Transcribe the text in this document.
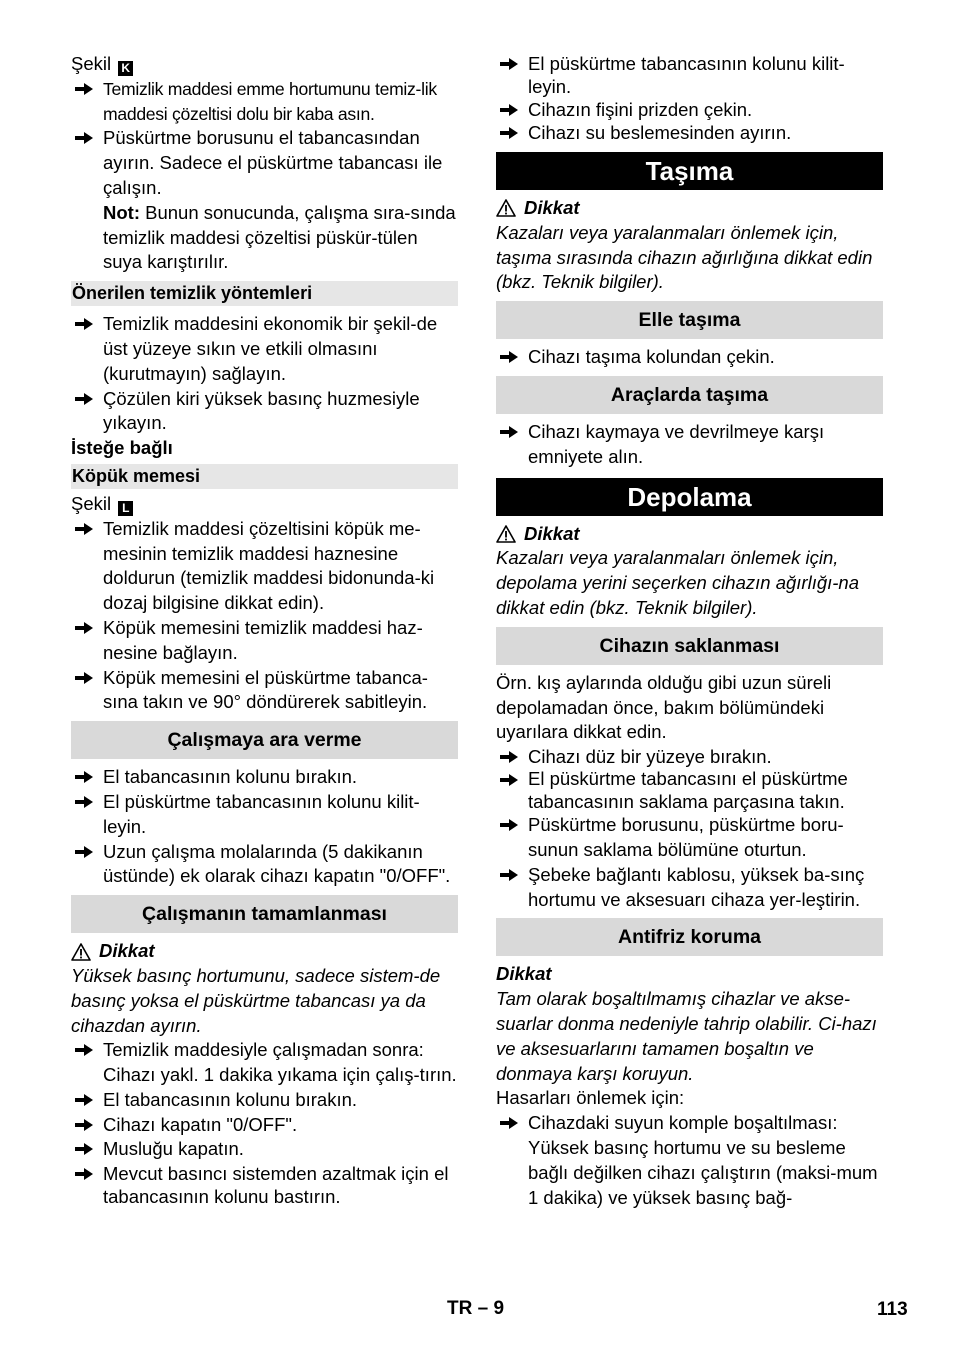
Şekil K

Temizlik maddesi emme hortumunu temiz-lik maddesi çözeltisi dolu bir kaba asın.
Püskürtme borusunu el tabancasından ayırın. Sadece el püskürtme tabancası ile çalışın.
Not: Bunun sonucunda, çalışma sıra-sında temizlik maddesi çözeltisi püskür-tülen suya karıştırılır.
Önerilen temizlik yöntemleri
Temizlik maddesini ekonomik bir şekil-de üst yüzeye sıkın ve etkili olmasını (kurutmayın) sağlayın.
Çözülen kiri yüksek basınç huzmesiyle yıkayın.

İsteğe bağlı

Köpük memesi

Şekil L

Temizlik maddesi çözeltisini köpük me-mesinin temizlik maddesi haznesine doldurun (temizlik maddesi bidonunda-ki dozaj bilgisine dikkat edin).
Köpük memesini temizlik maddesi haz-nesine bağlayın.
Köpük memesini el püskürtme tabanca-sına takın ve 90° döndürerek sabitleyin.
Çalışmaya ara verme
El tabancasının kolunu bırakın.
El püskürtme tabancasının kolunu kilit-leyin.
Uzun çalışma molalarında (5 dakikanın üstünde) ek olarak cihazı kapatın "0/OFF".
Çalışmanın tamamlanması
Dikkat

Yüksek basınç hortumunu, sadece sistem-de basınç yoksa el püskürtme tabancası ya da cihazdan ayırın.

Temizlik maddesiyle çalışmadan sonra: Cihazı yakl. 1 dakika yıkama için çalış-tırın.
El tabancasının kolunu bırakın.
Cihazı kapatın "0/OFF".
Musluğu kapatın.
Mevcut basıncı sistemden azaltmak için el tabancasının kolunu bastırın.
El püskürtme tabancasının kolunu kilit-leyin.
Cihazın fişini prizden çekin.
Cihazı su beslemesinden ayırın.
Taşıma
Dikkat

Kazaları veya yaralanmaları önlemek için, taşıma sırasında cihazın ağırlığına dikkat edin (bkz. Teknik bilgiler).

Elle taşıma
Cihazı taşıma kolundan çekin.
Araçlarda taşıma
Cihazı kaymaya ve devrilmeye karşı emniyete alın.
Depolama
Dikkat

Kazaları veya yaralanmaları önlemek için, depolama yerini seçerken cihazın ağırlığı-na dikkat edin (bkz. Teknik bilgiler).

Cihazın saklanması

Örn. kış aylarında olduğu gibi uzun süreli depolamadan önce, bakım bölümündeki uyarılara dikkat edin.

Cihazı düz bir yüzeye bırakın.
El püskürtme tabancasını el püskürtme tabancasının saklama parçasına takın.
Püskürtme borusunu, püskürtme boru-sunun saklama bölümüne oturtun.
Şebeke bağlantı kablosu, yüksek ba-sınç hortumu ve aksesuarı cihaza yer-leştirin.
Antifriz koruma

Dikkat

Tam olarak boşaltılmamış cihazlar ve akse-suarlar donma nedeniyle tahrip olabilir. Ci-hazı ve aksesuarlarını tamamen boşaltın ve donmaya karşı koruyun.

Hasarları önlemek için:

Cihazdaki suyun komple boşaltılması: Yüksek basınç hortumu ve su besleme bağlı değilken cihazı çalıştırın (maksi-mum 1 dakika) ve yüksek basınç bağ-
TR – 9	113
